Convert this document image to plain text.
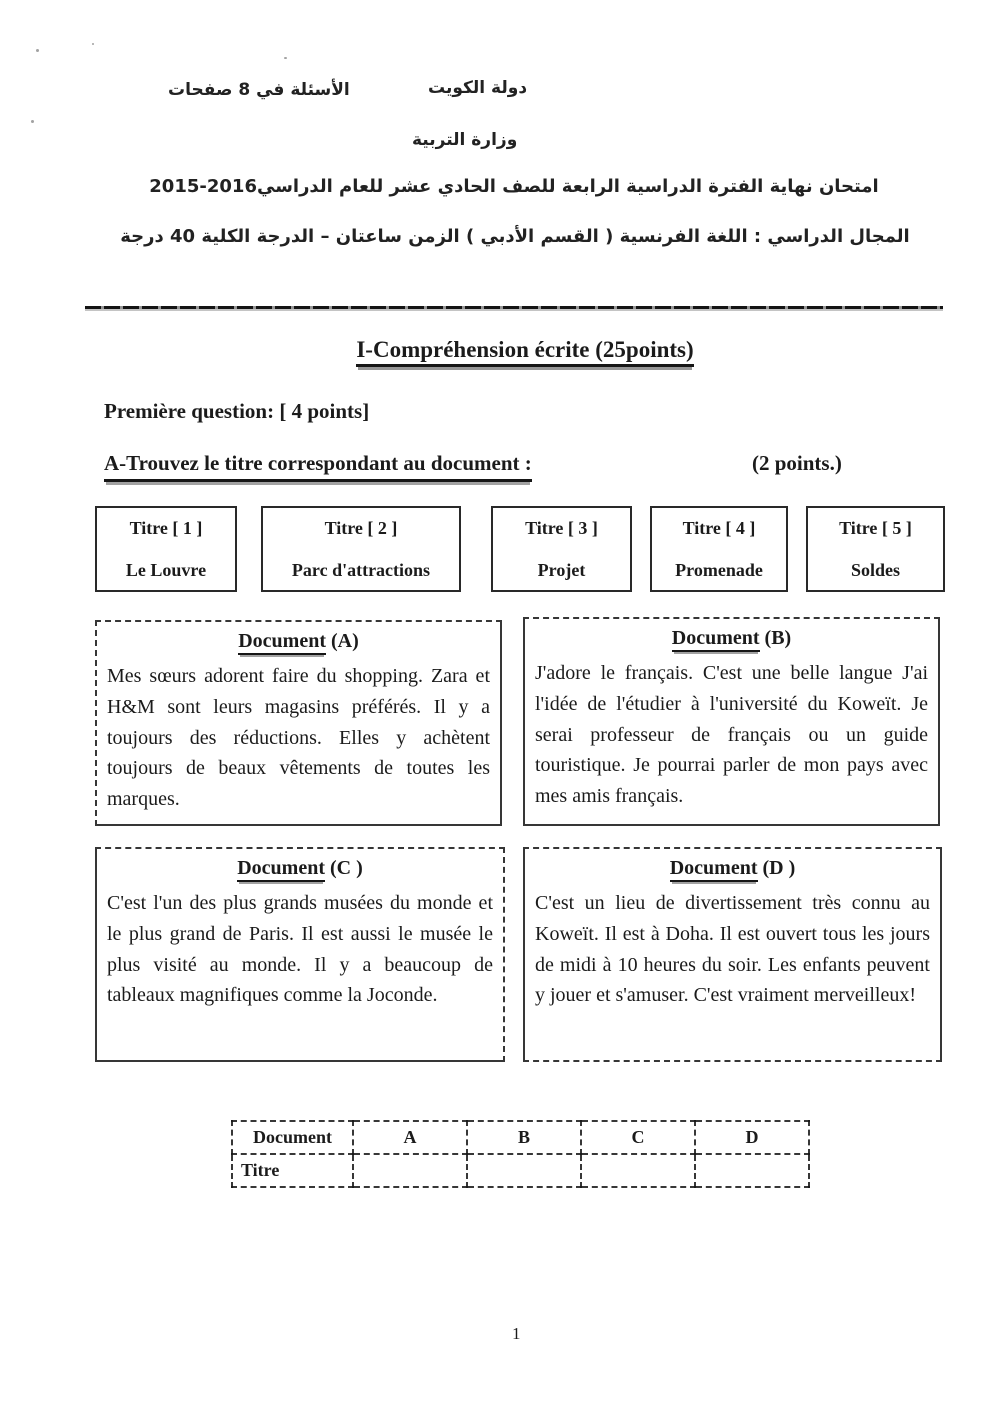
الأسئلة في 8 صفحات	دولة الكويت
وزارة التربية
امتحان نهاية الفترة الدراسية الرابعة للصف الحادي عشر للعام الدراسي2016-2015
المجال الدراسي : اللغة الفرنسية ( القسم الأدبي ) الزمن ساعتان – الدرجة الكلية 40 درجة
I-Compréhension écrite (25points)
Première question: [ 4 points]
A-Trouvez le titre correspondant au document :	(2 points.)
Titre [ 1 ]
Le Louvre
Titre [ 2 ]
Parc d'attractions
Titre [ 3 ]
Projet
Titre [ 4 ]
Promenade
Titre [ 5 ]
Soldes
Document (A)
Mes sœurs adorent faire du shopping. Zara et H&M sont leurs magasins préférés. Il y a toujours des réductions. Elles y achètent toujours de beaux vêtements de toutes les marques.
Document (B)
J'adore le français. C'est une belle langue J'ai l'idée de l'étudier à l'université du Koweït. Je serai professeur de français ou un guide touristique. Je pourrai parler de mon pays avec mes amis français.
Document (C )
C'est l'un des plus grands musées du monde et le plus grand de Paris. Il est aussi le musée le plus visité au monde. Il y a beaucoup de tableaux magnifiques comme la Joconde.
Document (D )
C'est un lieu de divertissement très connu au Koweït. Il est à Doha. Il est ouvert tous les jours de midi à 10 heures du soir. Les enfants peuvent y jouer et s'amuser. C'est vraiment merveilleux!
Document	A	B	C	D
Titre				
1
